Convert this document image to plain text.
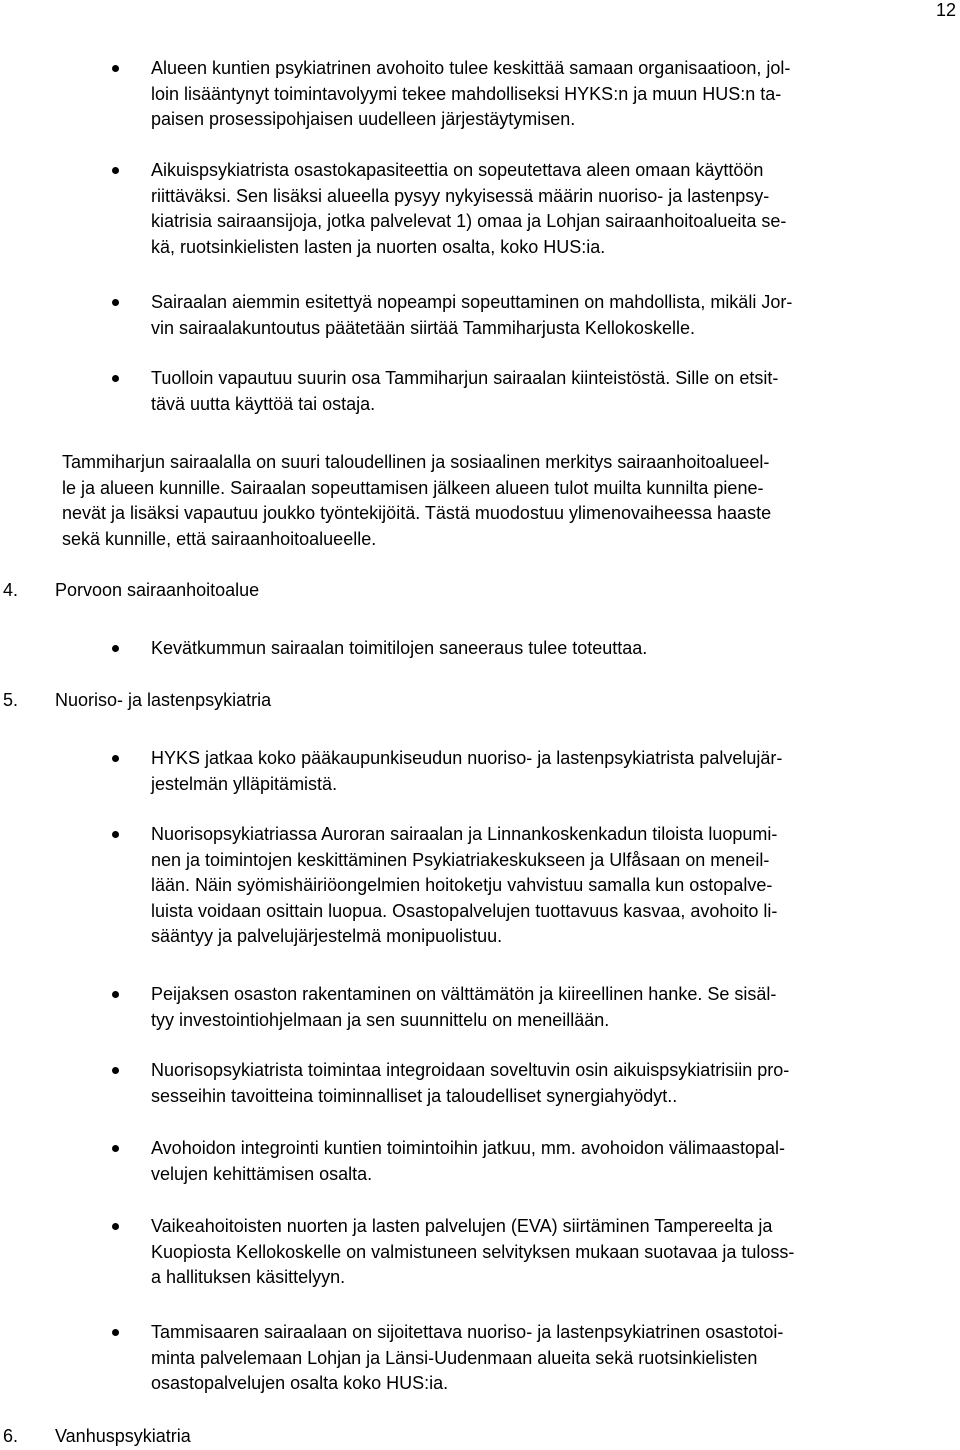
12
Alueen kuntien psykiatrinen avohoito tulee keskittää samaan organisaatioon, jol-
loin lisääntynyt toimintavolyymi tekee mahdolliseksi HYKS:n ja muun HUS:n ta-
paisen prosessipohjaisen uudelleen järjestäytymisen.
Aikuispsykiatrista osastokapasiteettia on sopeutettava aleen omaan käyttöön
riittäväksi. Sen lisäksi alueella pysyy nykyisessä määrin nuoriso- ja lastenpsy-
kiatrisia sairaansijoja, jotka palvelevat 1) omaa ja Lohjan sairaanhoitoalueita se-
kä, ruotsinkielisten lasten ja nuorten osalta, koko HUS:ia.
Sairaalan aiemmin esitettyä nopeampi sopeuttaminen on mahdollista, mikäli Jor-
vin sairaalakuntoutus päätetään siirtää Tammiharjusta Kellokoskelle.
Tuolloin vapautuu suurin osa Tammiharjun sairaalan kiinteistöstä. Sille on etsit-
tävä uutta käyttöä tai ostaja.
Tammiharjun sairaalalla on suuri taloudellinen ja sosiaalinen merkitys sairaanhoitoalueel-
le ja alueen kunnille. Sairaalan sopeuttamisen jälkeen alueen tulot muilta kunnilta piene-
nevät ja lisäksi vapautuu joukko työntekijöitä. Tästä muodostuu ylimenovaiheessa haaste
sekä kunnille, että sairaanhoitoalueelle.
4. Porvoon sairaanhoitoalue
Kevätkummun sairaalan toimitilojen saneeraus tulee toteuttaa.
5. Nuoriso- ja lastenpsykiatria
HYKS jatkaa koko pääkaupunkiseudun nuoriso- ja lastenpsykiatrista palvelujär-
jestelmän ylläpitämistä.
Nuorisopsykiatriassa Auroran sairaalan ja Linnankoskenkadun tiloista luopumi-
nen ja toimintojen keskittäminen Psykiatriakeskukseen ja Ulfåsaan on meneil-
lään. Näin syömishäiriöongelmien hoitoketju vahvistuu samalla kun ostopalve-
luista voidaan osittain luopua. Osastopalvelujen tuottavuus kasvaa, avohoito li-
sääntyy ja palvelujärjestelmä monipuolistuu.
Peijaksen osaston rakentaminen on välttämätön ja kiireellinen hanke. Se sisäl-
tyy investointiohjelmaan ja sen suunnittelu on meneillään.
Nuorisopsykiatrista toimintaa integroidaan soveltuvin osin aikuispsykiatrisiin pro-
sesseihin tavoitteina toiminnalliset ja taloudelliset synergiahyödyt..
Avohoidon integrointi kuntien toimintoihin jatkuu, mm. avohoidon välimaastopal-
velujen kehittämisen osalta.
Vaikeahoitoisten nuorten ja lasten palvelujen (EVA) siirtäminen Tampereelta ja
Kuopiosta Kellokoskelle on valmistuneen selvityksen mukaan suotavaa ja tuloss-
a hallituksen käsittelyyn.
Tammisaaren sairaalaan on sijoitettava nuoriso- ja lastenpsykiatrinen osastotoi-
minta palvelemaan Lohjan ja Länsi-Uudenmaan alueita sekä ruotsinkielisten
osastopalvelujen osalta koko HUS:ia.
6. Vanhuspsykiatria
